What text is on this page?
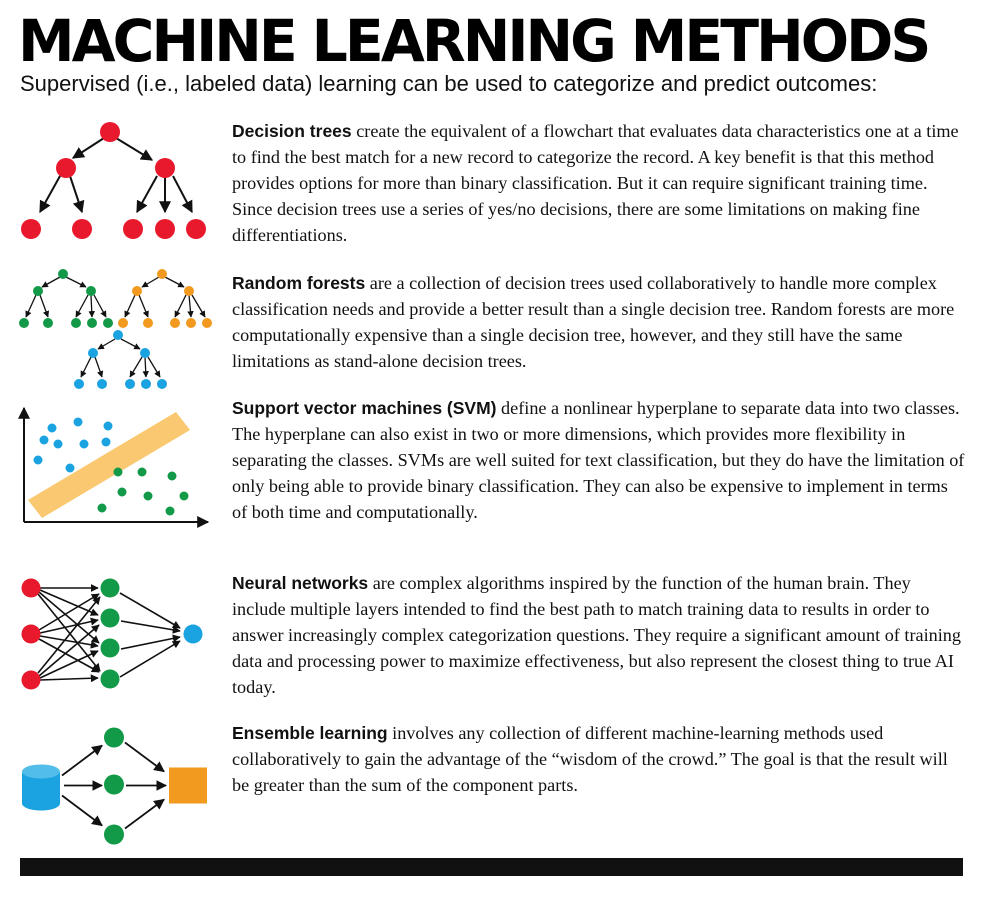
MACHINE LEARNING METHODS
Supervised (i.e., labeled data) learning can be used to categorize and predict outcomes:

Decision trees create the equivalent of a flowchart that evaluates data characteristics one at a time to find the best match for a new record to categorize the record. A key benefit is that this method provides options for more than binary classification. But it can require significant training time. Since decision trees use a series of yes/no decisions, there are some limitations on making fine differentiations.

Random forests are a collection of decision trees used collaboratively to handle more complex classification needs and provide a better result than a single decision tree. Random forests are more computationally expensive than a single decision tree, however, and they still have the same limitations as stand-alone decision trees.

Support vector machines (SVM) define a nonlinear hyperplane to separate data into two classes. The hyperplane can also exist in two or more dimensions, which provides more flexibility in separating the classes. SVMs are well suited for text classification, but they do have the limitation of only being able to provide binary classification. They can also be expensive to implement in terms of both time and computationally.

Neural networks are complex algorithms inspired by the function of the human brain. They include multiple layers intended to find the best path to match training data to results in order to answer increasingly complex categorization questions. They require a significant amount of training data and processing power to maximize effectiveness, but also represent the closest thing to true AI today.

Ensemble learning involves any collection of different machine-learning methods used collaboratively to gain the advantage of the “wisdom of the crowd.” The goal is that the result will be greater than the sum of the component parts.
